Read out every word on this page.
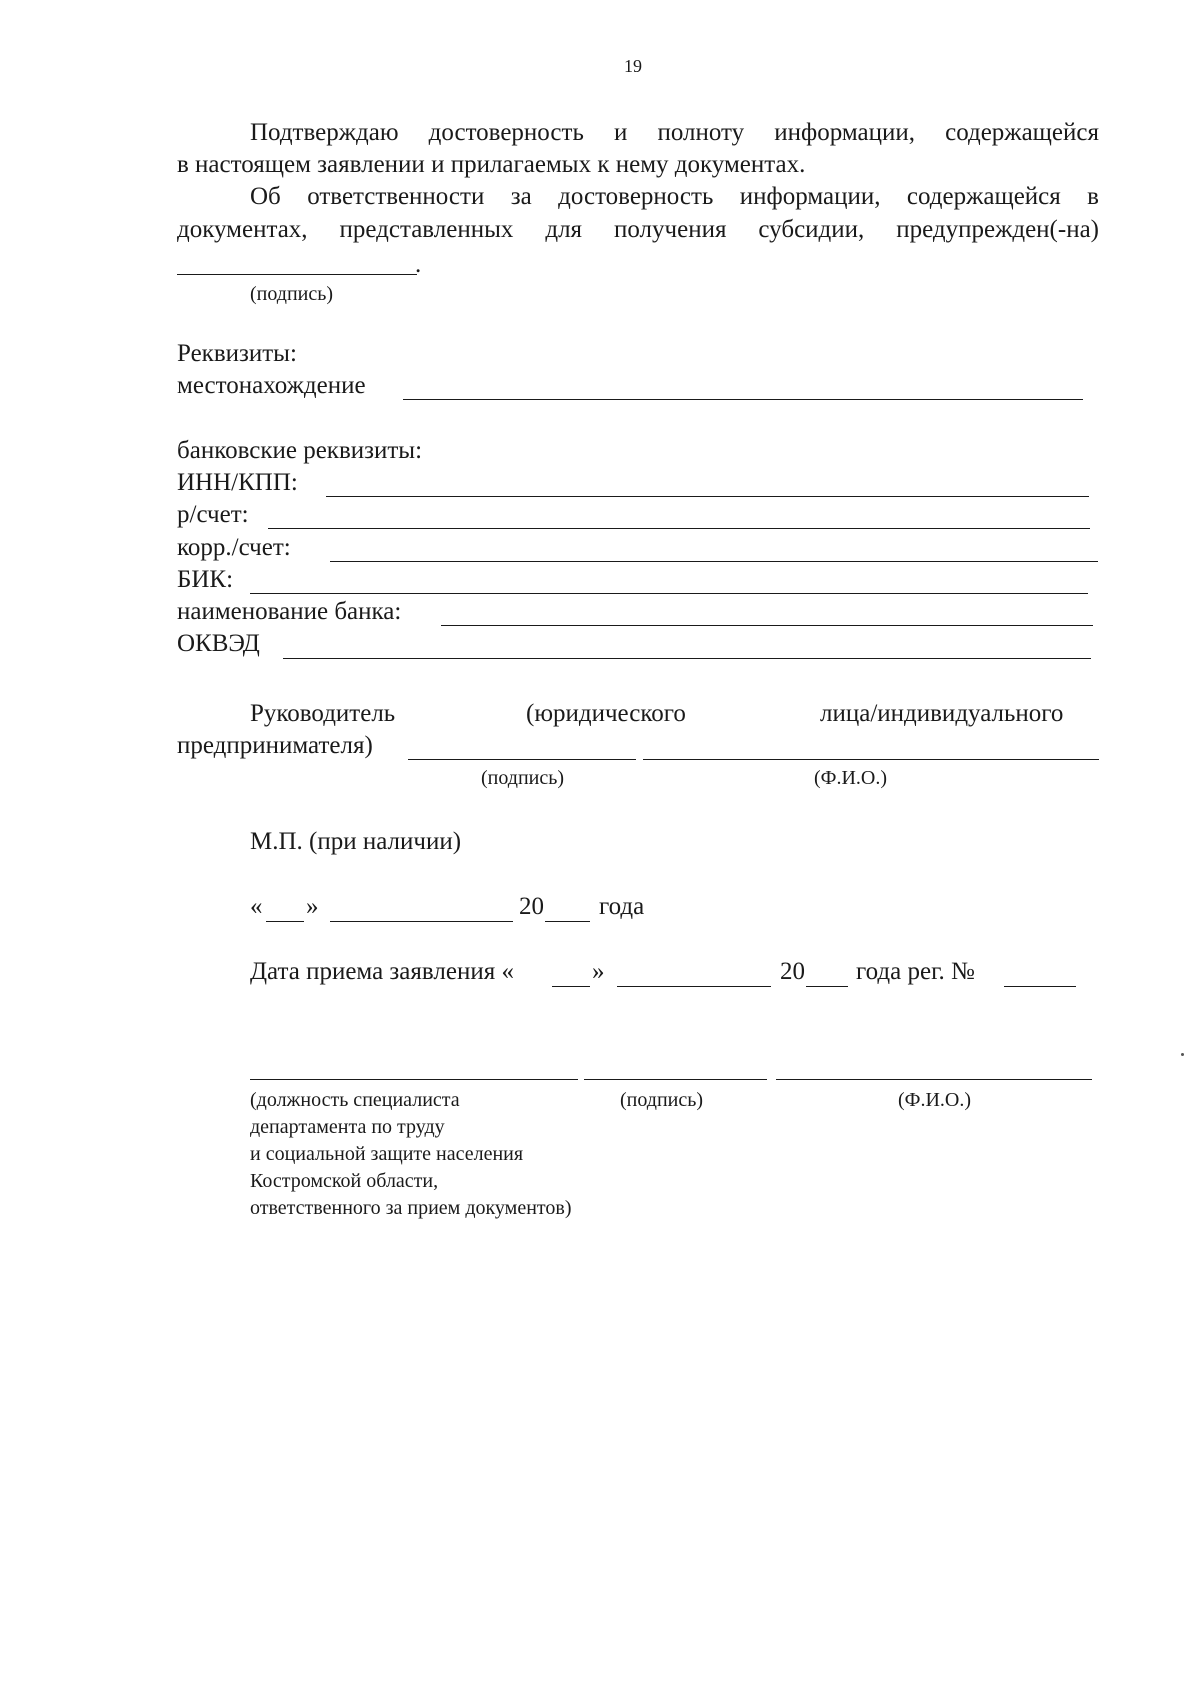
19
Подтверждаю достоверность и полноту информации, содержащейся
в настоящем заявлении и прилагаемых к нему документах.
Об ответственности за достоверность информации, содержащейся в
документах, представленных для получения субсидии, предупрежден(-на)
.
(подпись)
Реквизиты:
местонахождение
банковские реквизиты:
ИНН/КПП:
р/счет:
корр./счет:
БИК:
наименование банка:
ОКВЭД
Руководитель	(юридического	лица/индивидуального
предпринимателя)
(подпись)	(Ф.И.О.)
М.П. (при наличии)
« »	20 года
Дата приема заявления «	»	20 года рег. №
(должность специалиста	(подпись)	(Ф.И.О.)
департамента по труду
и социальной защите населения
Костромской области,
ответственного за прием документов)
